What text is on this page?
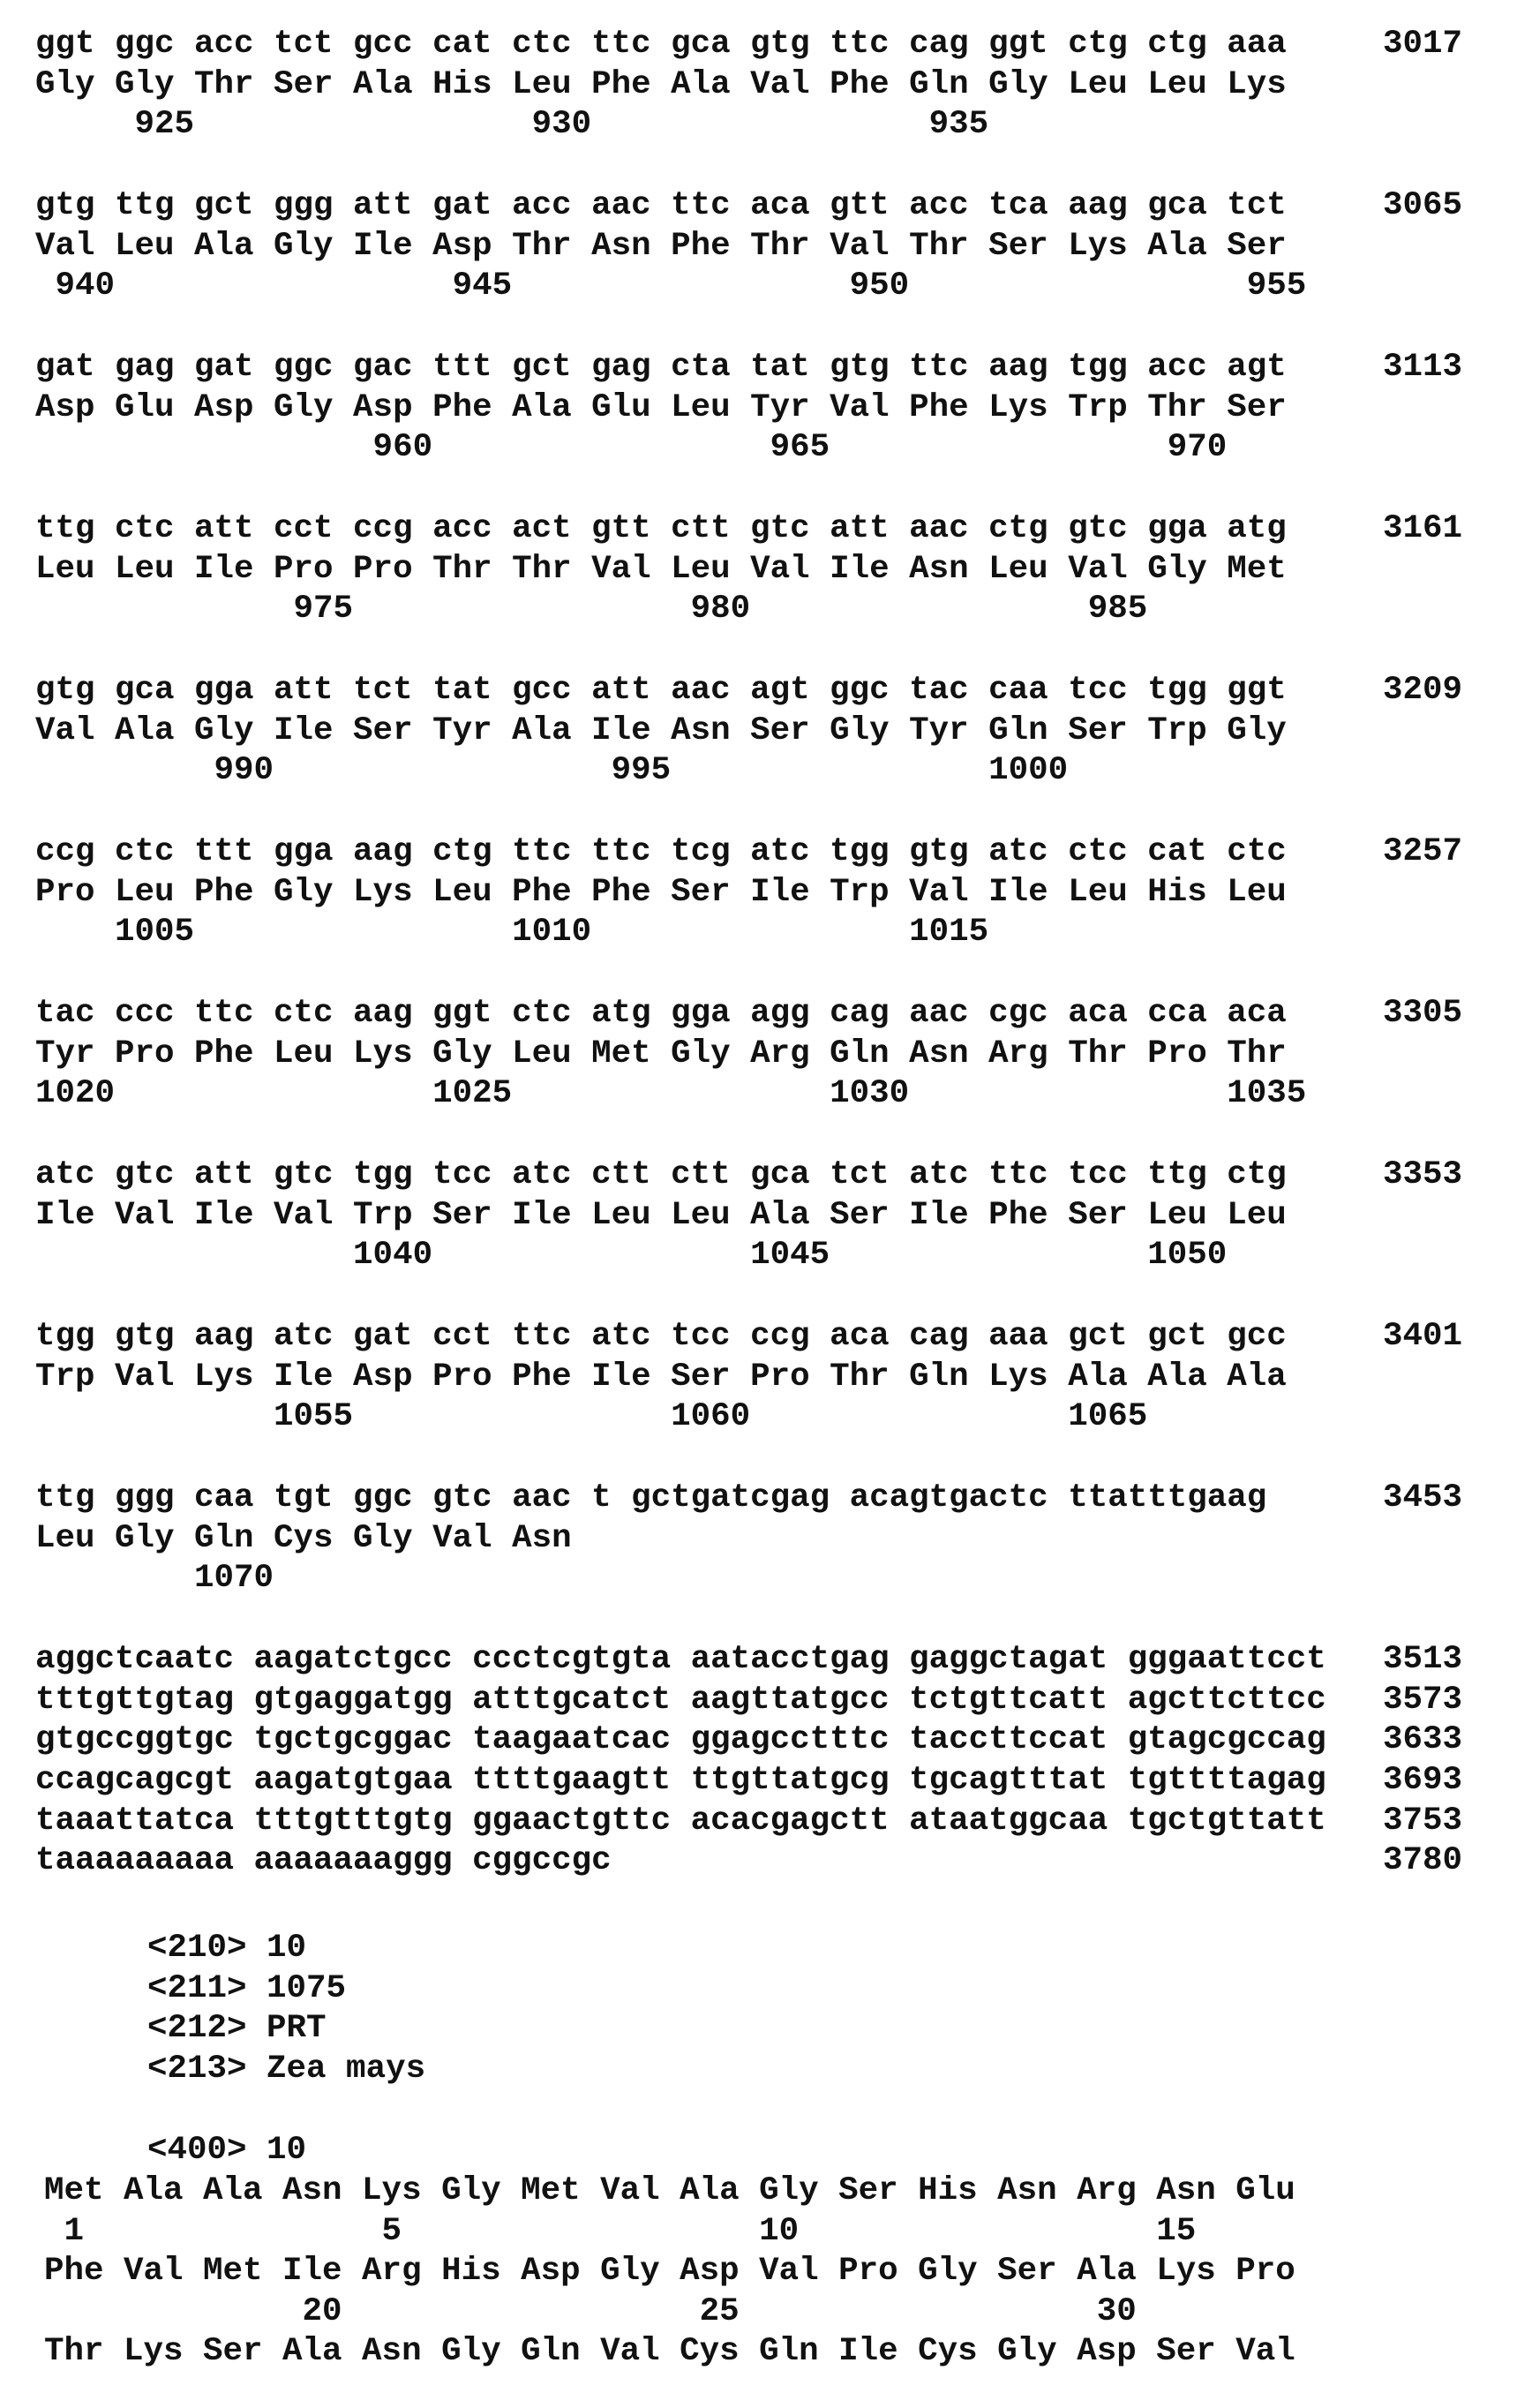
ggt ggc acc tct gcc cat ctc ttc gca gtg ttc cag ggt ctg ctg aaa	3017
Gly Gly Thr Ser Ala His Leu Phe Ala Val Phe Gln Gly Leu Leu Lys
925                 930                 935
gtg ttg gct ggg att gat acc aac ttc aca gtt acc tca aag gca tct	3065
Val Leu Ala Gly Ile Asp Thr Asn Phe Thr Val Thr Ser Lys Ala Ser
940                 945                 950                 955
gat gag gat ggc gac ttt gct gag cta tat gtg ttc aag tgg acc agt	3113
Asp Glu Asp Gly Asp Phe Ala Glu Leu Tyr Val Phe Lys Trp Thr Ser
960                 965                 970
ttg ctc att cct ccg acc act gtt ctt gtc att aac ctg gtc gga atg	3161
Leu Leu Ile Pro Pro Thr Thr Val Leu Val Ile Asn Leu Val Gly Met
975                 980                 985
gtg gca gga att tct tat gcc att aac agt ggc tac caa tcc tgg ggt	3209
Val Ala Gly Ile Ser Tyr Ala Ile Asn Ser Gly Tyr Gln Ser Trp Gly
990                 995                1000
ccg ctc ttt gga aag ctg ttc ttc tcg atc tgg gtg atc ctc cat ctc	3257
Pro Leu Phe Gly Lys Leu Phe Phe Ser Ile Trp Val Ile Leu His Leu
1005                1010                1015
tac ccc ttc ctc aag ggt ctc atg gga agg cag aac cgc aca cca aca	3305
Tyr Pro Phe Leu Lys Gly Leu Met Gly Arg Gln Asn Arg Thr Pro Thr
1020                1025                1030                1035
atc gtc att gtc tgg tcc atc ctt ctt gca tct atc ttc tcc ttg ctg	3353
Ile Val Ile Val Trp Ser Ile Leu Leu Ala Ser Ile Phe Ser Leu Leu
1040                1045                1050
tgg gtg aag atc gat cct ttc atc tcc ccg aca cag aaa gct gct gcc	3401
Trp Val Lys Ile Asp Pro Phe Ile Ser Pro Thr Gln Lys Ala Ala Ala
1055                1060                1065
ttg ggg caa tgt ggc gtc aac t gctgatcgag acagtgactc ttatttgaag	3453
Leu Gly Gln Cys Gly Val Asn
1070
aggctcaatc aagatctgcc ccctcgtgta aatacctgag gaggctagat gggaattcct 3513
tttgttgtag gtgaggatgg atttgcatct aagttatgcc tctgttcatt agcttcttcc 3573
gtgccggtgc tgctgcggac taagaatcac ggagcctttc taccttccat gtagcgccag 3633
ccagcagcgt aagatgtgaa ttttgaagtt ttgttatgcg tgcagtttat tgttttagag 3693
taaattatca tttgtttgtg ggaactgttc acacgagctt ataatggcaa tgctgttatt 3753
taaaaaaaaa aaaaaaaggg cggccgc	3780
<210> 10
<211> 1075
<212> PRT
<213> Zea mays
<400> 10
Met Ala Ala Asn Lys Gly Met Val Ala Gly Ser His Asn Arg Asn Glu
1               5                  10                  15
Phe Val Met Ile Arg His Asp Gly Asp Val Pro Gly Ser Ala Lys Pro
20                  25                  30
Thr Lys Ser Ala Asn Gly Gln Val Cys Gln Ile Cys Gly Asp Ser Val
